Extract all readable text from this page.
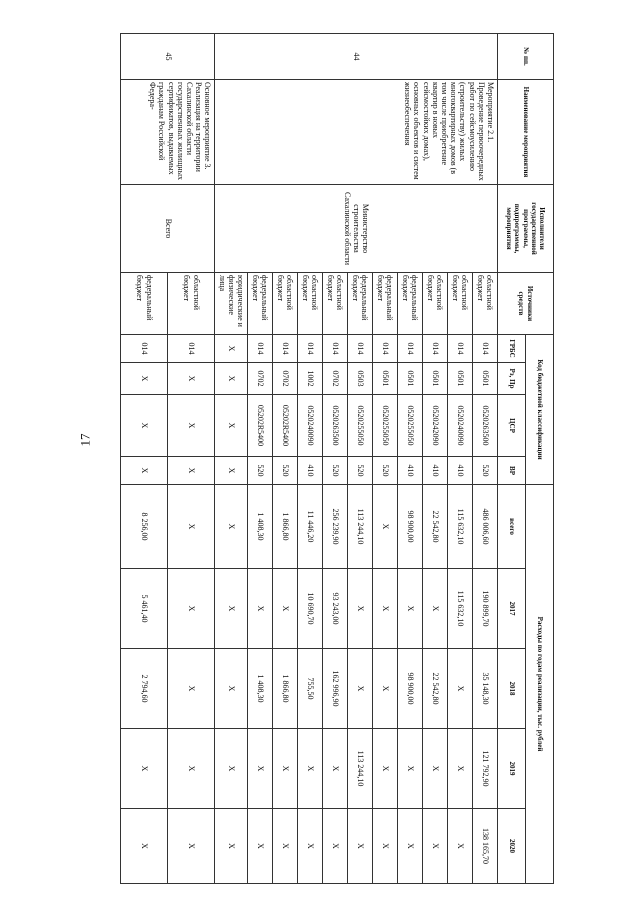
17
№ пп.	Наименование мероприятия	Исполнители государственной программы, подпрограммы, мероприятия	Источники средств	Код бюджетной классификации				Расходы по годам реализации, тыс. рублей				
				ГРБС	Рз, Пр	ЦСР	ВР	всего	2017	2018	2019	2020
44	Мероприятие 2.1. Проведение первоочередных работ по сейсмоусилению (строительству) жилых многоквартирных домов (в том числе приобретение квартир в новых сейсмостойких домах), основных объектов и систем жизнеобеспечения	Министерство строительства Сахалинской области	областной бюджет	014	0501	0520263500	520	486 006,60	190 899,70	35 148,30	121 792,90	138 165,70
			областной бюджет	014	0501	0520240090	410	115 632,10	115 632,10	X	X	X
			областной бюджет	014	0501	0520242090	410	22 542,80	X	22 542,80	X	X
			федеральный бюджет	014	0501	0520255050	410	98 900,00	X	98 900,00	X	X
			федеральный бюджет	014	0501	0520255050	520	X	X	X	X	X
			федеральный бюджет	014	0503	0520255050	520	113 244,10	X	X	113 244,10	X
			областной бюджет	014	0702	0520263500	520	256 239,90	93 243,00	162 996,90	X	X
			областной бюджет	014	1002	0520240090	410	11 446,20	10 690,70	755,50	X	X
			областной бюджет	014	0702	05202R5400	520	1 866,80	X	1 866,80	X	X
			федеральный бюджет	014	0702	05202R5400	520	1 408,30	X	1 408,30	X	X
			юридические и физические лица	X	X	X	X	X	X	X	X	X
45	Основное мероприятие 3. Реализация на территории Сахалинской области государственных жилищных сертификатов, выдаваемых гражданам Российской Федера-	Всего	областной бюджет	014	X	X	X	X	X	X	X	X
			федеральный бюджет	014	X	X	X	8 256,00	5 461,40	2 794,60	X	X
